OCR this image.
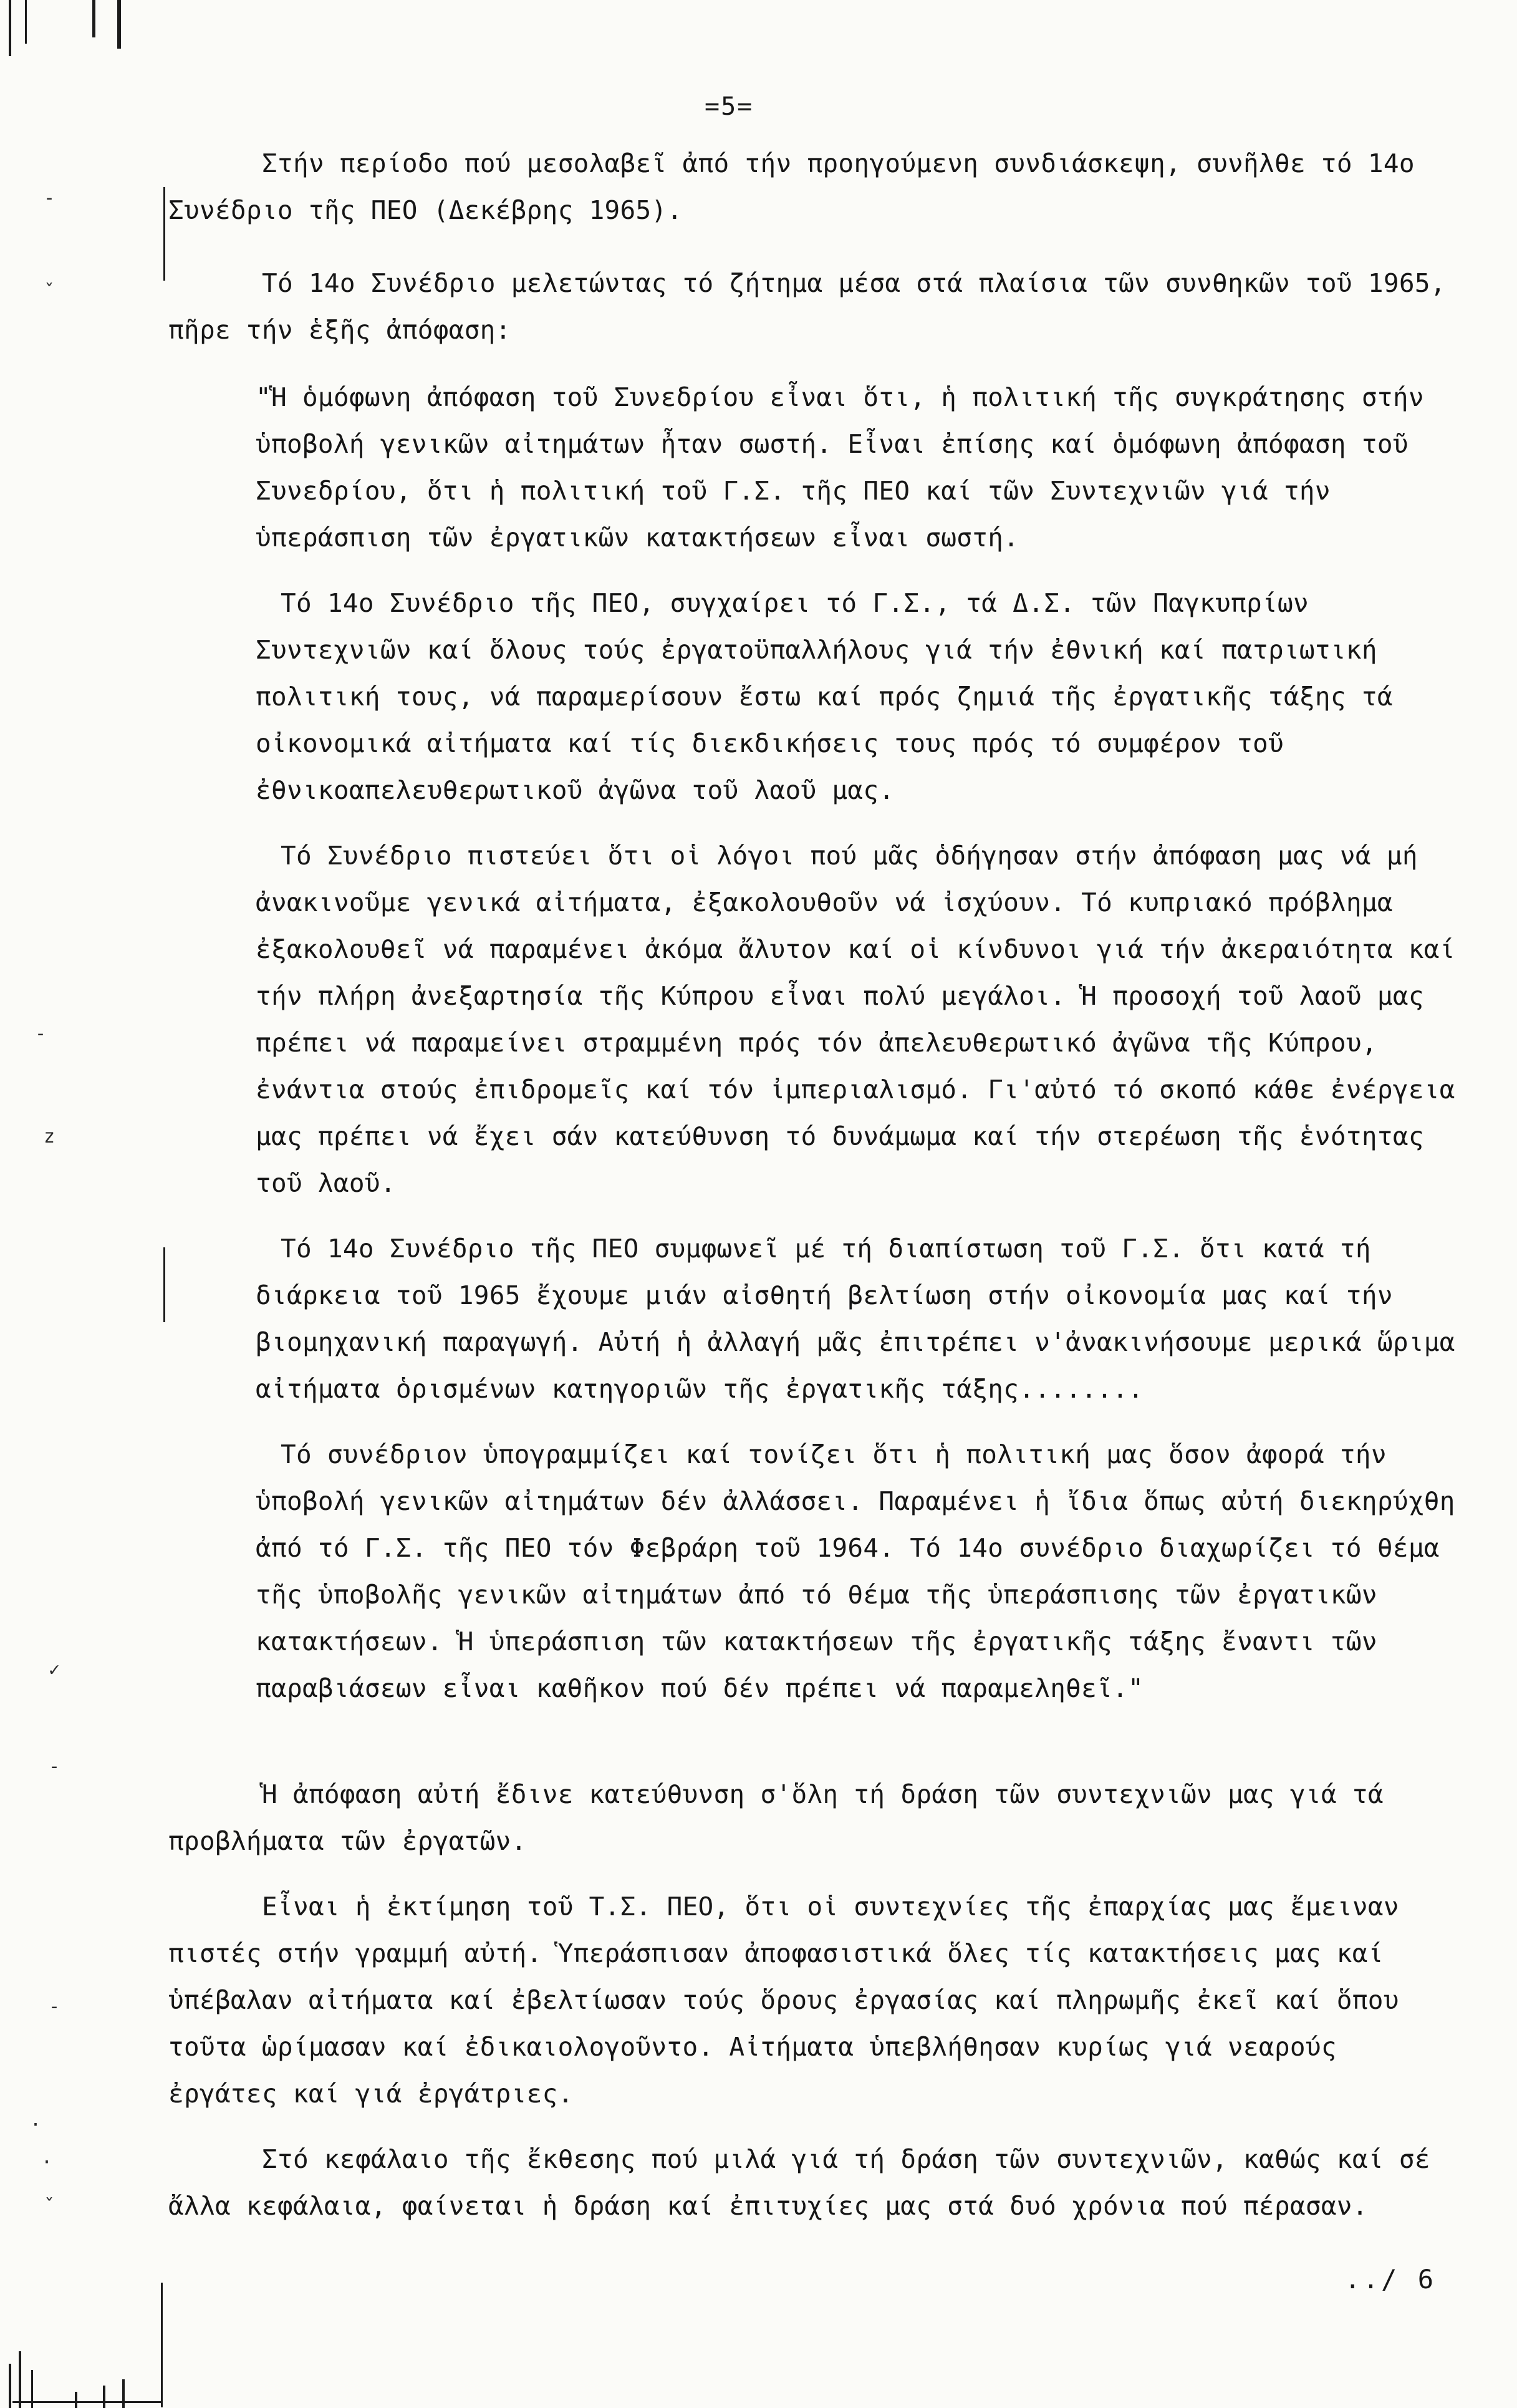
-
ˇ
-
z
✓
-
-
·
·
ˇ
=5=

Στήν περίοδο πού μεσολαβεῖ ἀπό τήν προηγούμενη συνδιάσκεψη, συνῆλθε τό 14ο Συνέδριο τῆς ΠΕΟ (Δεκέβρης 1965).

Τό 14ο Συνέδριο μελετώντας τό ζήτημα μέσα στά πλαίσια τῶν συνθηκῶν τοῦ 1965, πῆρε τήν ἑξῆς ἀπόφαση:

"Ἡ ὁμόφωνη ἀπόφαση τοῦ Συνεδρίου εἶναι ὅτι, ἡ πολιτική τῆς συγκράτησης στήν ὑποβολή γενικῶν αἰτημάτων ἦταν σωστή. Εἶναι ἐπίσης καί ὁμόφωνη ἀπόφαση τοῦ Συνεδρίου, ὅτι ἡ πολιτική τοῦ Γ.Σ. τῆς ΠΕΟ καί τῶν Συντεχνιῶν γιά τήν ὑπεράσπιση τῶν ἐργατικῶν κατακτήσεων εἶναι σωστή.

Τό 14ο Συνέδριο τῆς ΠΕΟ, συγχαίρει τό Γ.Σ., τά Δ.Σ. τῶν Παγκυπρίων Συντεχνιῶν καί ὅλους τούς ἐργατοϋπαλλήλους γιά τήν ἐθνική καί πατριωτική πολιτική τους, νά παραμερίσουν ἔστω καί πρός ζημιά τῆς ἐργατικῆς τάξης τά οἰκονομικά αἰτήματα καί τίς διεκδικήσεις τους πρός τό συμφέρον τοῦ ἐθνικοαπελευθερωτικοῦ ἀγῶνα τοῦ λαοῦ μας.

Τό Συνέδριο πιστεύει ὅτι οἱ λόγοι πού μᾶς ὁδήγησαν στήν ἀπόφαση μας νά μή ἀνακινοῦμε γενικά αἰτήματα, ἐξακολουθοῦν νά ἰσχύουν. Τό κυπριακό πρόβλημα ἐξακολουθεῖ νά παραμένει ἀκόμα ἄλυτον καί οἱ κίνδυνοι γιά τήν ἀκεραιότητα καί τήν πλήρη ἀνεξαρτησία τῆς Κύπρου εἶναι πολύ μεγάλοι. Ἡ προσοχή τοῦ λαοῦ μας πρέπει νά παραμείνει στραμμένη πρός τόν ἀπελευθερωτικό ἀγῶνα τῆς Κύπρου, ἐνάντια στούς ἐπιδρομεῖς καί τόν ἰμπεριαλισμό. Γι'αὐτό τό σκοπό κάθε ἐνέργεια μας πρέπει νά ἔχει σάν κατεύθυνση τό δυνάμωμα καί τήν στερέωση τῆς ἑνότητας τοῦ λαοῦ.

Τό 14ο Συνέδριο τῆς ΠΕΟ συμφωνεῖ μέ τή διαπίστωση τοῦ Γ.Σ. ὅτι κατά τή διάρκεια τοῦ 1965 ἔχουμε μιάν αἰσθητή βελτίωση στήν οἰκονομία μας καί τήν βιομηχανική παραγωγή. Αὐτή ἡ ἀλλαγή μᾶς ἐπιτρέπει ν'ἀνακινήσουμε μερικά ὥριμα αἰτήματα ὁρισμένων κατηγοριῶν τῆς ἐργατικῆς τάξης........

Τό συνέδριον ὑπογραμμίζει καί τονίζει ὅτι ἡ πολιτική μας ὅσον ἀφορά τήν ὑποβολή γενικῶν αἰτημάτων δέν ἀλλάσσει. Παραμένει ἡ ἴδια ὅπως αὐτή διεκηρύχθη ἀπό τό Γ.Σ. τῆς ΠΕΟ τόν Φεβράρη τοῦ 1964. Τό 14ο συνέδριο διαχωρίζει τό θέμα τῆς ὑποβολῆς γενικῶν αἰτημάτων ἀπό τό θέμα τῆς ὑπεράσπισης τῶν ἐργατικῶν κατακτήσεων. Ἡ ὑπεράσπιση τῶν κατακτήσεων τῆς ἐργατικῆς τάξης ἔναντι τῶν παραβιάσεων εἶναι καθῆκον πού δέν πρέπει νά παραμεληθεῖ."

Ἡ ἀπόφαση αὐτή ἔδινε κατεύθυνση σ'ὅλη τή δράση τῶν συντεχνιῶν μας γιά τά προβλήματα τῶν ἐργατῶν.

Εἶναι ἡ ἐκτίμηση τοῦ Τ.Σ. ΠΕΟ, ὅτι οἱ συντεχνίες τῆς ἐπαρχίας μας ἔμειναν πιστές στήν γραμμή αὐτή. Ὑπεράσπισαν ἀποφασιστικά ὅλες τίς κατακτήσεις μας καί ὑπέβαλαν αἰτήματα καί ἐβελτίωσαν τούς ὅρους ἐργασίας καί πληρωμῆς ἐκεῖ καί ὅπου τοῦτα ὡρίμασαν καί ἐδικαιολογοῦντο. Αἰτήματα ὑπεβλήθησαν κυρίως γιά νεαρούς ἐργάτες καί γιά ἐργάτριες.

Στό κεφάλαιο τῆς ἔκθεσης πού μιλά γιά τή δράση τῶν συντεχνιῶν, καθώς καί σέ ἄλλα κεφάλαια, φαίνεται ἡ δράση καί ἐπιτυχίες μας στά δυό χρόνια πού πέρασαν.

../ 6
